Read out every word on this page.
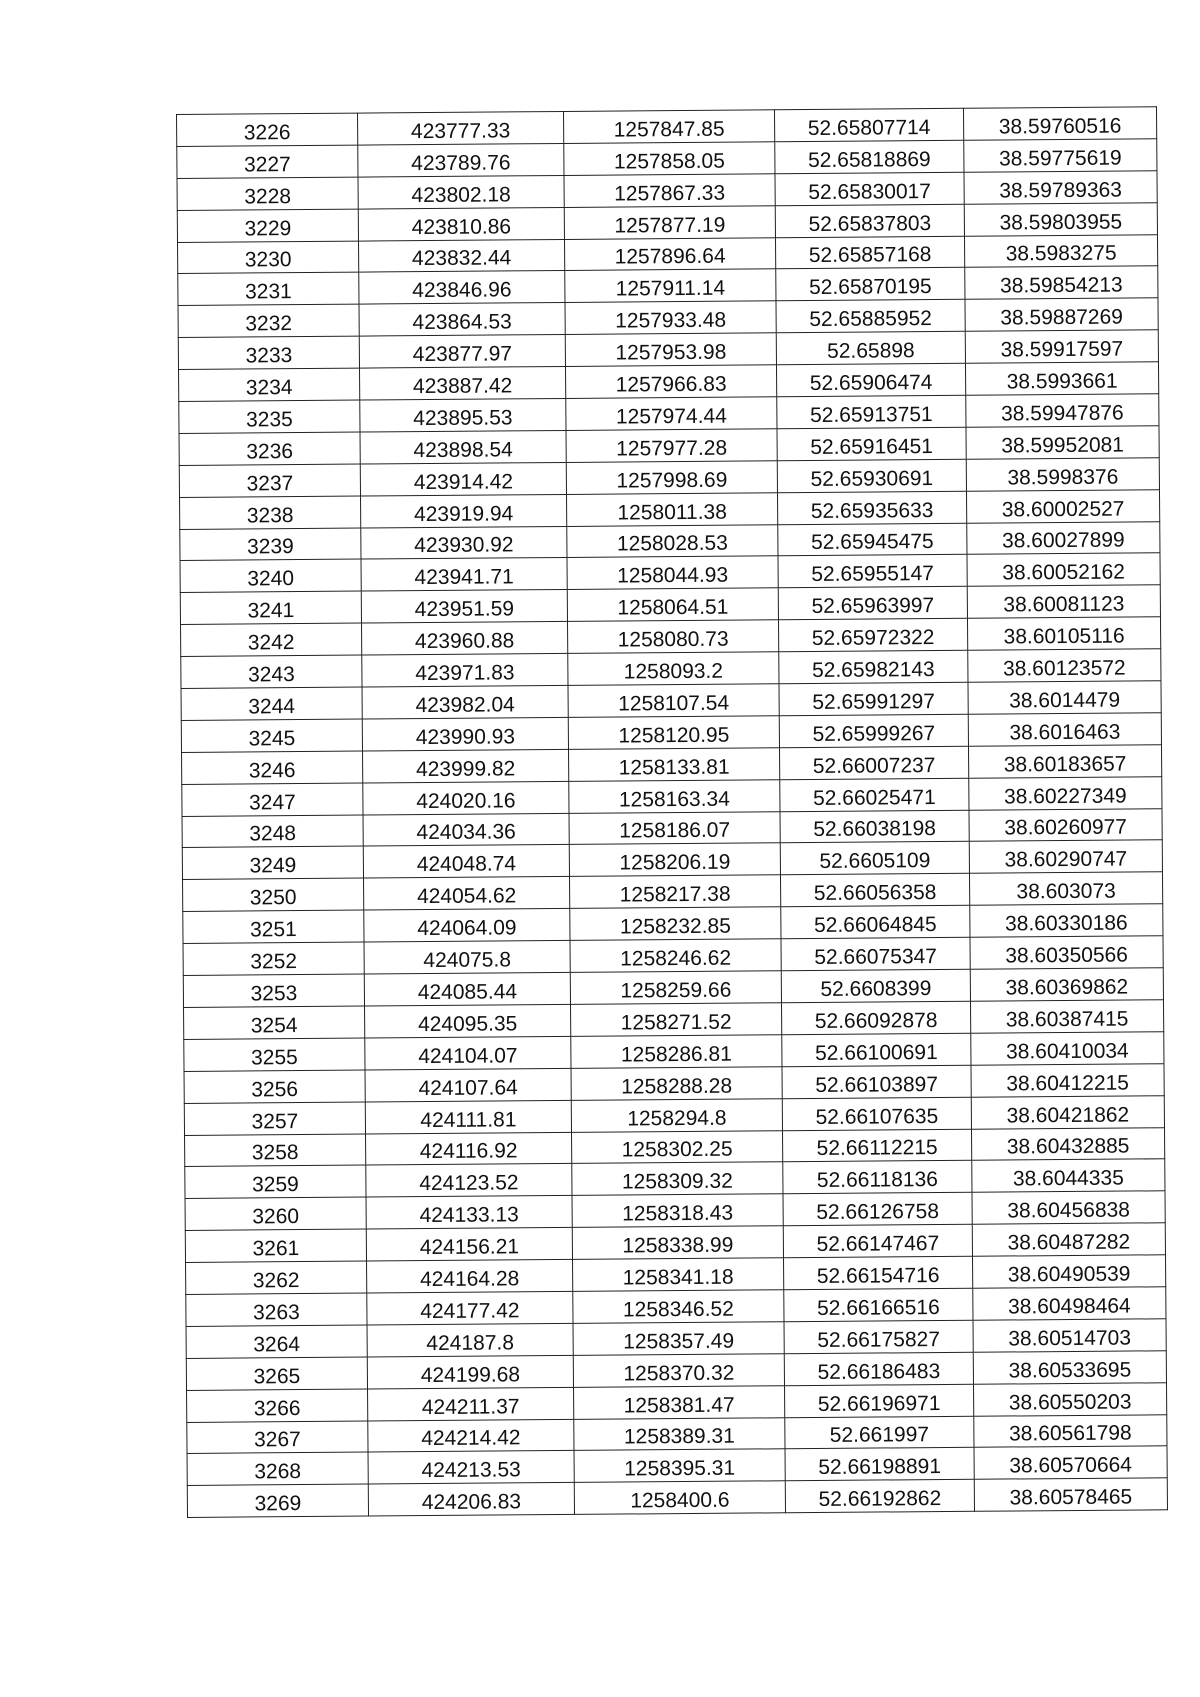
3226	423777.33	1257847.85	52.65807714	38.59760516
3227	423789.76	1257858.05	52.65818869	38.59775619
3228	423802.18	1257867.33	52.65830017	38.59789363
3229	423810.86	1257877.19	52.65837803	38.59803955
3230	423832.44	1257896.64	52.65857168	38.5983275
3231	423846.96	1257911.14	52.65870195	38.59854213
3232	423864.53	1257933.48	52.65885952	38.59887269
3233	423877.97	1257953.98	52.65898	38.59917597
3234	423887.42	1257966.83	52.65906474	38.5993661
3235	423895.53	1257974.44	52.65913751	38.59947876
3236	423898.54	1257977.28	52.65916451	38.59952081
3237	423914.42	1257998.69	52.65930691	38.5998376
3238	423919.94	1258011.38	52.65935633	38.60002527
3239	423930.92	1258028.53	52.65945475	38.60027899
3240	423941.71	1258044.93	52.65955147	38.60052162
3241	423951.59	1258064.51	52.65963997	38.60081123
3242	423960.88	1258080.73	52.65972322	38.60105116
3243	423971.83	1258093.2	52.65982143	38.60123572
3244	423982.04	1258107.54	52.65991297	38.6014479
3245	423990.93	1258120.95	52.65999267	38.6016463
3246	423999.82	1258133.81	52.66007237	38.60183657
3247	424020.16	1258163.34	52.66025471	38.60227349
3248	424034.36	1258186.07	52.66038198	38.60260977
3249	424048.74	1258206.19	52.6605109	38.60290747
3250	424054.62	1258217.38	52.66056358	38.603073
3251	424064.09	1258232.85	52.66064845	38.60330186
3252	424075.8	1258246.62	52.66075347	38.60350566
3253	424085.44	1258259.66	52.6608399	38.60369862
3254	424095.35	1258271.52	52.66092878	38.60387415
3255	424104.07	1258286.81	52.66100691	38.60410034
3256	424107.64	1258288.28	52.66103897	38.60412215
3257	424111.81	1258294.8	52.66107635	38.60421862
3258	424116.92	1258302.25	52.66112215	38.60432885
3259	424123.52	1258309.32	52.66118136	38.6044335
3260	424133.13	1258318.43	52.66126758	38.60456838
3261	424156.21	1258338.99	52.66147467	38.60487282
3262	424164.28	1258341.18	52.66154716	38.60490539
3263	424177.42	1258346.52	52.66166516	38.60498464
3264	424187.8	1258357.49	52.66175827	38.60514703
3265	424199.68	1258370.32	52.66186483	38.60533695
3266	424211.37	1258381.47	52.66196971	38.60550203
3267	424214.42	1258389.31	52.661997	38.60561798
3268	424213.53	1258395.31	52.66198891	38.60570664
3269	424206.83	1258400.6	52.66192862	38.60578465
